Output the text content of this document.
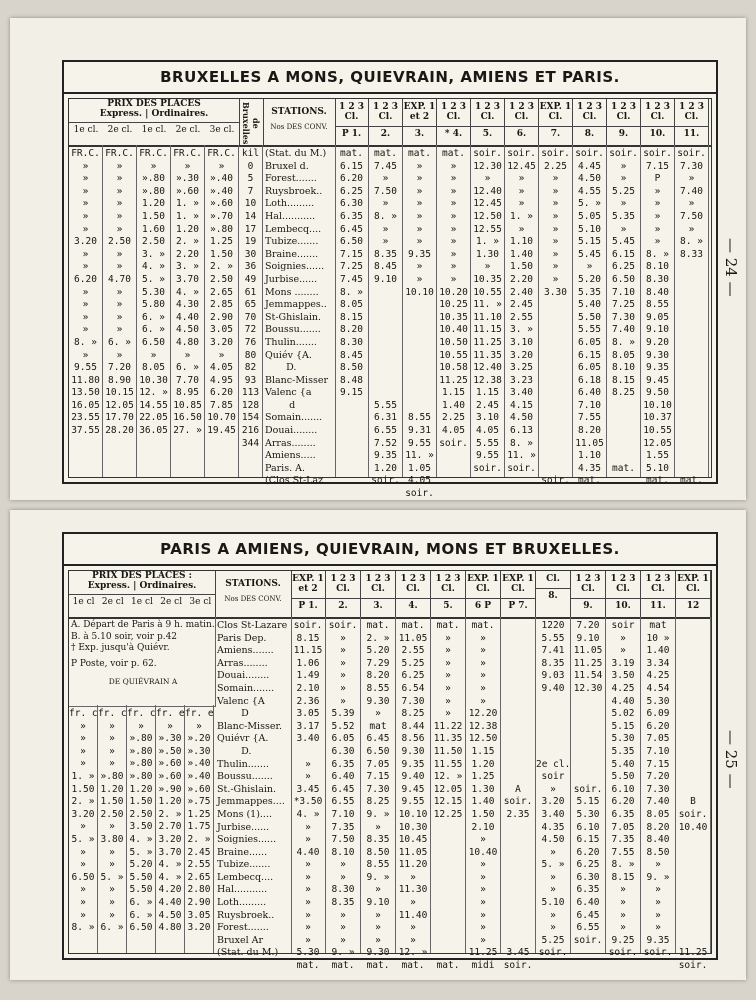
BRUXELLES A MONS, QUIEVRAIN, AMIENS ET PARIS.
PRIX DES PLACES
Express. | Ordinaires.
1e cl. 2e cl. 1e cl. 2e cl. 3e cl.
de Bruxelles	STATIONS.
Nos DES CONV.
1 2 3 Cl.
P 1.
1 2 3 Cl.
2.
EXP. 1 et 2
3.
1 2 3 Cl.
* 4.
1 2 3 Cl.
5.
1 2 3 Cl.
6.
EXP. 1 Cl.
7.
1 2 3 Cl.
8.
1 2 3 Cl.
9.
1 2 3 Cl.
10.
1 2 3 Cl.
11.
FR.C.
»
»
»
»
»
»
3.20
»
»
6.20
»
»
»
»
8. »
»
9.55
11.80
13.50
16.05
23.55
37.55
FR.C.
»
»
»
»
»
»
2.50
»
»
4.70
»
»
»
»
6. »
»
7.20
8.90
10.15
12.05
17.70
28.20
FR.C.
»
».80
».80
1.20
1.50
1.60
2.50
3. »
4. »
5. »
5.30
5.80
6. »
6. »
6.50
»
8.05
10.30
12. »
14.55
22.05
36.05
FR.C.
»
».30
».60
1. »
1. »
1.20
2. »
2.20
3. »
3.70
4. »
4.30
4.40
4.50
4.80
»
6. »
7.70
8.95
10.85
16.50
27. »
FR.C.
»
».40
».40
».60
».70
».80
1.25
1.50
2. »
2.50
2.65
2.85
2.90
3.05
3.20
»
4.05
4.95
6.20
7.85
10.70
19.45
kil
0
5
7
10
14
17
19
30
36
49
61
65
70
72
76
80
82
93
113
128
154
216
344
(Stat. du M.)
Bruxel d.
Forest.......
Ruysbroek..
Loth.........
Hal...........
Lembecq....
Tubize.......
Braine.......
Soignies......
Jurbise......
Mons ........
Jemmappes..
St-Ghislain.
Boussu.......
Thulin.......
Quiév {A.
D.
Blanc-Misser
Valenc {a
d
Somain.......
Douai........
Arras........
Amiens.....
Paris. A.
(Clos St-Laz
mat.
6.15
6.20
6.25
6.30
6.35
6.45
6.50
7.15
7.25
7.45
8. »
8.05
8.15
8.20
8.30
8.45
8.50
8.48
9.15

mat.
7.45
»
7.50
»
8. »
»
»
8.35
8.45
9.10

5.55
6.31
6.55
7.52
9.35
1.20
soir.
mat.
»
»
»
»
»
»
»
9.35
»
»
10.10

8.55
9.31
9.55
11. »
1.05
4.05
soir.
mat.
»
»
»
»
»
»
»
»
»
»
10.20
10.25
10.35
10.40
10.50
10.55
10.58
11.25
1.15
1.40
2.25
4.05
soir.
soir.
12.30
»
12.40
12.45
12.50
12.55
1. »
1.30
»
10.35
10.55
11. »
11.10
11.15
11.25
11.35
12.40
12.38
1.15
2.45
3.10
4.05
5.55
9.55
soir.
soir.
12.45
»
»
»
1. »
»
1.10
1.40
1.50
2.20
2.40
2.45
2.55
3. »
3.10
3.20
3.25
3.23
3.40
4.15
4.50
6.13
8. »
11. »
soir.
soir.
2.25
»
»
»
»
»
»
»
»
»
3.30

soir.
soir.
4.45
4.50
4.55
5. »
5.05
5.10
5.15
5.45
»
5.20
5.35
5.40
5.50
5.55
6.05
6.15
6.05
6.18
6.40
7.10
7.55
8.20
11.05
1.10
4.35
mat.
soir.
»
»
5.25
»
5.35
»
5.45
6.15
6.25
6.50
7.10
7.25
7.30
7.40
8. »
8.05
8.10
8.15
8.25

mat.
soir.
7.15
P
»
»
»
»
»
8. »
8.10
8.30
8.40
8.55
9.05
9.10
9.20
9.30
9.35
9.45
9.50
10.10
10.37
10.55
12.05
1.55
5.10
mat.
soir.
7.30
»
7.40
»
7.50
»
8. »
8.33

mat.
— 24 —
PARIS A AMIENS, QUIEVRAIN, MONS ET BRUXELLES.
PRIX DES PLACES :
Express. | Ordinaires.
1e cl 2e cl 1e cl 2e cl 3e cl
STATIONS.
Nos DES CONV.
EXP. 1 et 2
P 1.
1 2 3 Cl.
2.
1 2 3 Cl.
3.
1 2 3 Cl.
4.
1 2 3 Cl.
5.
EXP. 1 Cl.
6 P
EXP. 1 Cl.
P 7.
Cl.
8.
1 2 3 Cl.
9.
1 2 3 Cl.
10.
1 2 3 Cl.
11.
EXP. 1 Cl.
12
A. Départ de Paris à 9 h. matin.
B. à 5.10 soir, voir p.42
† Exp. jusqu'à Quiévr.
P Poste, voir p. 62.
DE QUIÉVRAIN A
fr. c
»
»
»
»
1. »
1.50
2. »
3.20
»
5. »
»
»
6.50
»
»
»
8. »
fr. c
»
»
»
»
».80
1.20
1.50
2.50
»
3.80
»
»
5. »
»
»
»
6. »
fr. c
»
».80
».80
».80
».80
1.20
1.50
2.50
3.50
4. »
5. »
5.20
5.50
5.50
6. »
6. »
6.50
fr. e
»
».30
».50
».60
».60
».90
1.20
2. »
2.70
3.20
3.70
4. »
4. »
4.20
4.40
4.50
4.80
fr. e
»
».20
».30
».40
».40
».60
».75
1.25
1.75
2. »
2.45
2.55
2.65
2.80
2.90
3.05
3.20
Clos St-Lazare
Paris Dep.
Amiens.......
Arras........
Douai........
Somain.......
Valenc {A
D
Blanc-Misser.
Quiévr {A.
D.
Thulin.......
Boussu.......
St.-Ghislain.
Jemmappes....
Mons (1)....
Jurbise......
Soignies......
Braine......
Tubize.......
Lembecq....
Hal...........
Loth.........
Ruysbroek..
Forest.......
Bruxel Ar
(Stat. du M.)
soir.
8.15
11.15
1.06
1.49
2.10
2.36
3.05
3.17
3.40

»
»
3.45
*3.50
4. »
»
»
4.40
»
»
»
»
»
»
»
5.30
mat.
soir.
»
»
»
»
»
»
5.39
5.52
6.05
6.30
6.35
6.40
6.45
6.55
7.10
7.35
7.50
8.10
»
»
8.30
8.35
»
»
»
9. »
mat.
mat.
2. »
5.20
7.29
8.20
8.55
9.30
»
mat
6.45
6.50
7.05
7.15
7.30
8.25
9. »
»
8.35
8.50
8.55
9. »
»
9.10
»
»
»
9.30
mat.
mat.
11.05
2.55
5.25
6.25
6.54
7.30
8.25
8.44
8.56
9.30
9.35
9.40
9.45
9.55
10.10
10.30
10.45
11.05
11.20
»
11.30
»
11.40
»
»
12. »
mat.
mat.
»
»
»
»
»
»
»
11.22
11.35
11.50
11.55
12. »
12.05
12.15
12.25

mat.
mat.
»
»
»
»
»
»
12.20
12.38
12.50
1.15
1.20
1.25
1.30
1.40
1.50
2.10
»
10.40
»
»
»
»
»
»
»
11.25
midi

A
soir.
2.35

3.45
soir.
1220
5.55
7.41
8.35
9.03
9.40

2e cl.
soir
»
3.20
3.40
4.35
4.50
»
5. »
»
»
5.10
»
»
5.25
soir.
7.20
9.10
11.05
11.25
11.54
12.30

soir.
5.15
5.30
6.10
6.15
6.20
6.25
6.30
6.35
6.40
6.45
6.55
soir.
soir
»
»
3.19
3.50
4.25
4.40
5.02
5.15
5.30
5.35
5.40
5.50
6.10
6.20
6.35
7.05
7.35
7.55
8. »
8.15
»
»
»
»
9.25
soir.
mat
10 »
1.40
3.34
4.25
4.54
5.30
6.09
6.20
7.05
7.10
7.15
7.20
7.30
7.40
8.05
8.20
8.40
8.50
»
9. »
»
»
»
»
9.35
soir.

B
soir.
10.40

11.25
soir.
— 25 —
